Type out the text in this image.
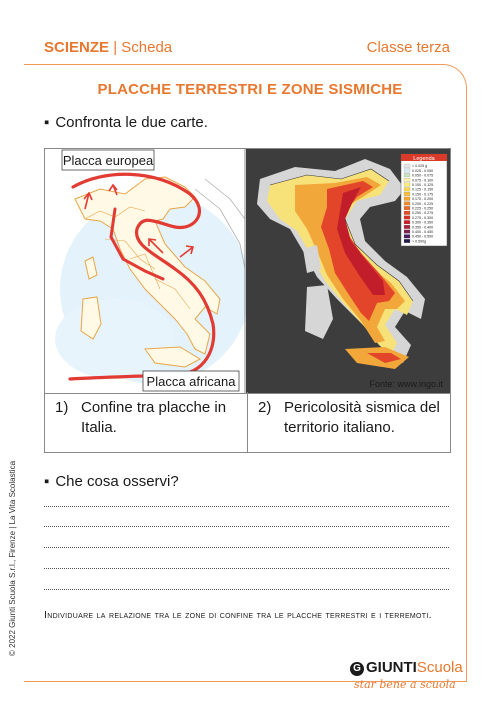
SCIENZE | Scheda	Classe terza
PLACCHE TERRESTRI E ZONE SISMICHE
▪ Confronta le due carte.
Placca europea
Placca africana
Legenda
< 0.025 g
0.025 - 0.050
0.050 - 0.075
0.075 - 0.100
0.100 - 0.125
0.125 - 0.150
0.150 - 0.175
0.175 - 0.200
0.200 - 0.225
0.225 - 0.250
0.250 - 0.275
0.275 - 0.300
0.300 - 0.350
0.350 - 0.400
0.400 - 0.450
0.450 - 0.500
> 0.500g
Fonte: www.ingo.it
1) Confine tra placche in Italia.
2) Pericolosità sismica del territorio italiano.
▪ Che cosa osservi?
Individuare la relazione tra le zone di confine tra le placche terrestri e i terremoti.
© 2022 Giunti Scuola S.r.l., Firenze | La Vita Scolastica
G GIUNTIScuola
star bene a scuola
